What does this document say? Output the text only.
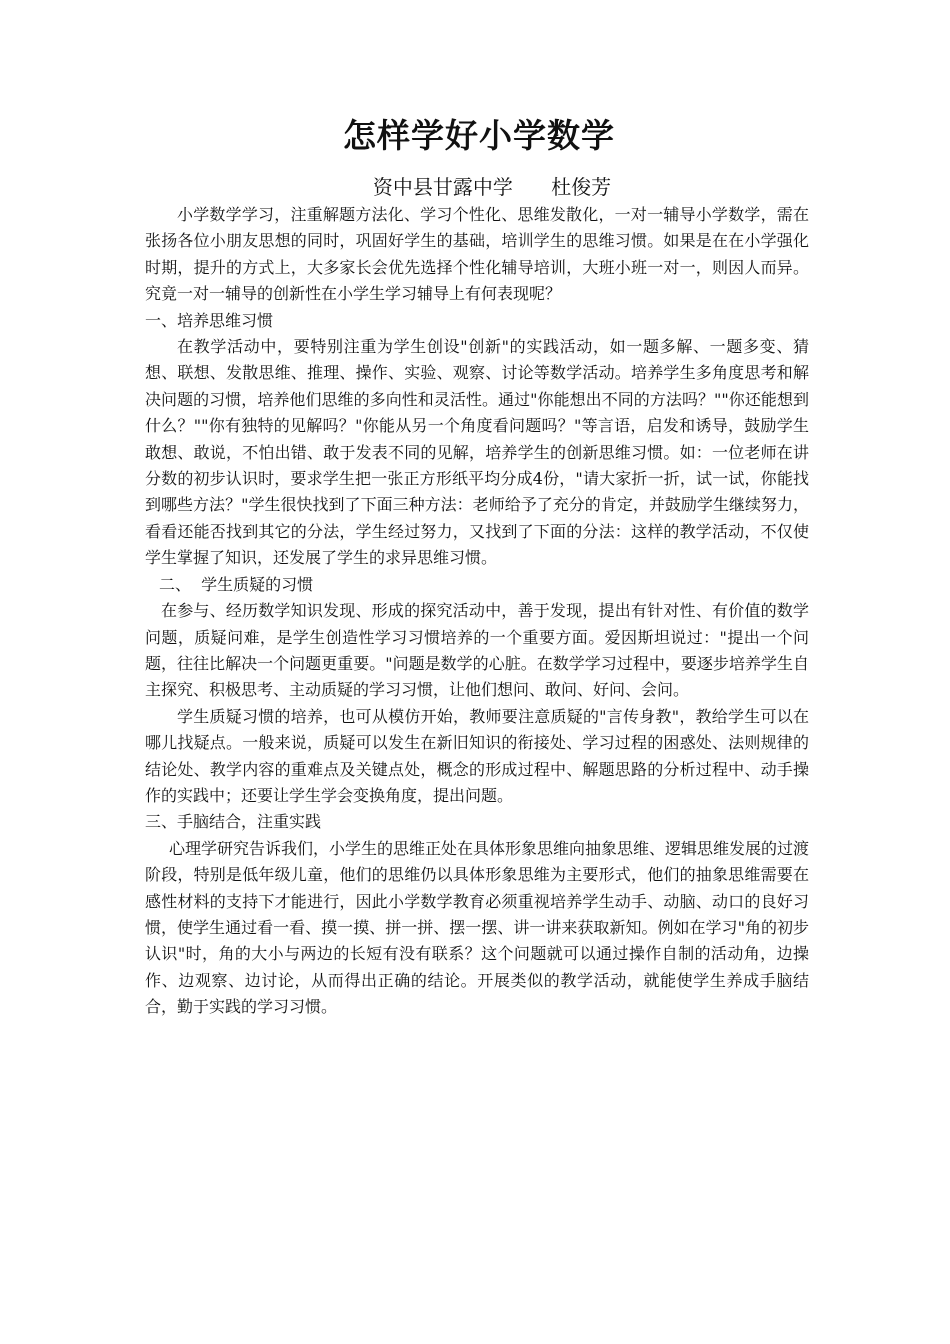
怎样学好小学数学
资中县甘露中学      杜俊芳

小学数学学习，注重解题方法化、学习个性化、思维发散化，一对一辅导小学数学，需在张扬各位小朋友思想的同时，巩固好学生的基础，培训学生的思维习惯。如果是在在小学强化时期，提升的方式上，大多家长会优先选择个性化辅导培训，大班小班一对一，则因人而异。究竟一对一辅导的创新性在小学生学习辅导上有何表现呢？

一、培养思维习惯

在教学活动中，要特别注重为学生创设"创新"的实践活动，如一题多解、一题多变、猜想、联想、发散思维、推理、操作、实验、观察、讨论等数学活动。培养学生多角度思考和解决问题的习惯，培养他们思维的多向性和灵活性。通过"你能想出不同的方法吗？""你还能想到什么？""你有独特的见解吗？"你能从另一个角度看问题吗？"等言语，启发和诱导，鼓励学生敢想、敢说，不怕出错、敢于发表不同的见解，培养学生的创新思维习惯。如：一位老师在讲分数的初步认识时，要求学生把一张正方形纸平均分成4份，"请大家折一折，试一试，你能找到哪些方法？"学生很快找到了下面三种方法：老师给予了充分的肯定，并鼓励学生继续努力，看看还能否找到其它的分法，学生经过努力，又找到了下面的分法：这样的教学活动，不仅使学生掌握了知识，还发展了学生的求异思维习惯。

二、  学生质疑的习惯

在参与、经历数学知识发现、形成的探究活动中，善于发现，提出有针对性、有价值的数学问题，质疑问难，是学生创造性学习习惯培养的一个重要方面。爱因斯坦说过："提出一个问题，往往比解决一个问题更重要。"问题是数学的心脏。在数学学习过程中，要逐步培养学生自主探究、积极思考、主动质疑的学习习惯，让他们想问、敢问、好问、会问。

学生质疑习惯的培养，也可从模仿开始，教师要注意质疑的"言传身教"，教给学生可以在哪儿找疑点。一般来说，质疑可以发生在新旧知识的衔接处、学习过程的困惑处、法则规律的结论处、教学内容的重难点及关键点处，概念的形成过程中、解题思路的分析过程中、动手操作的实践中；还要让学生学会变换角度，提出问题。

三、手脑结合，注重实践

心理学研究告诉我们，小学生的思维正处在具体形象思维向抽象思维、逻辑思维发展的过渡阶段，特别是低年级儿童，他们的思维仍以具体形象思维为主要形式，他们的抽象思维需要在感性材料的支持下才能进行，因此小学数学教育必须重视培养学生动手、动脑、动口的良好习惯，使学生通过看一看、摸一摸、拼一拼、摆一摆、讲一讲来获取新知。例如在学习"角的初步认识"时，角的大小与两边的长短有没有联系？这个问题就可以通过操作自制的活动角，边操作、边观察、边讨论，从而得出正确的结论。开展类似的教学活动，就能使学生养成手脑结合，勤于实践的学习习惯。
